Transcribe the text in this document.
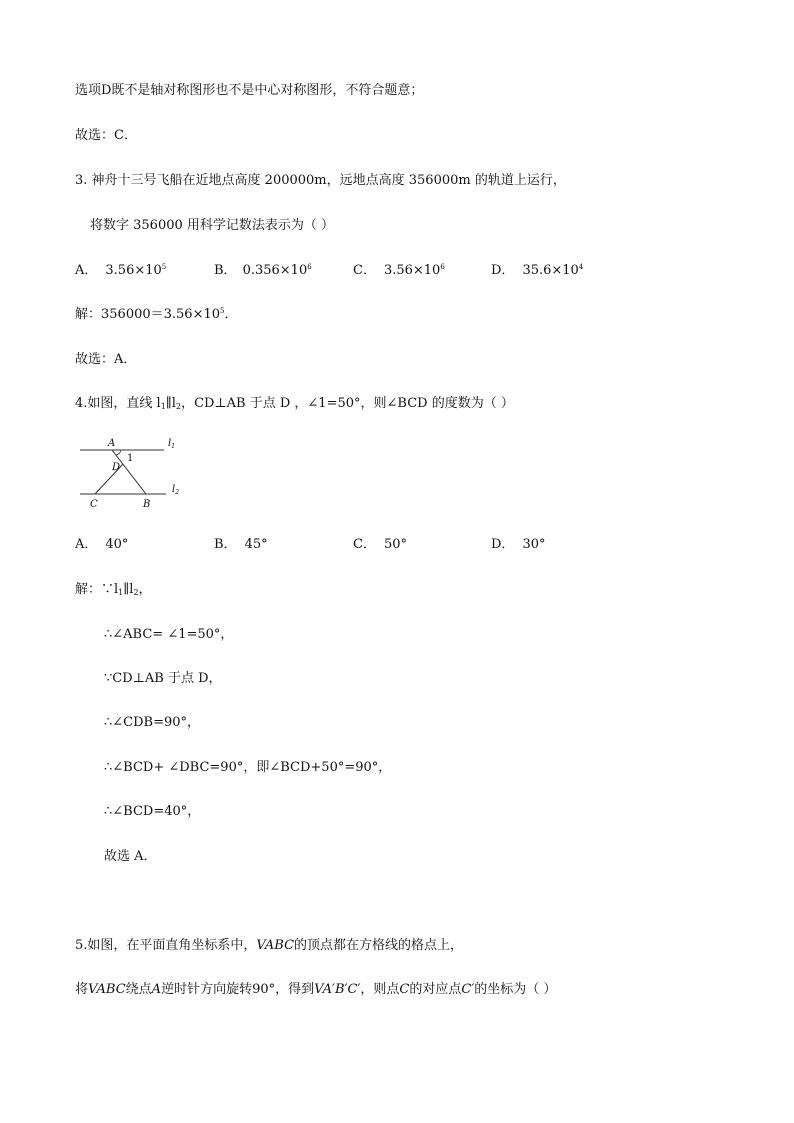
选项D既不是轴对称图形也不是中心对称图形，不符合题意；
故选：C．
3. 神舟十三号飞船在近地点高度 200000m，远地点高度 356000m 的轨道上运行，
将数字 356000 用科学记数法表示为（ ）
A． $3.56\times 10^5$	B． $0.356\times 10^6$	C． $3.56\times 10^6$	D． $35.6\times 10^4$
解：$356000=3.56\times 10^5$．
故选：A．
4.如图，直线 $l_1\parallel l_2$，CD⊥AB 于点 D ，∠1=50°，则∠BCD 的度数为（ ）
A
1
D
C	B
$l_1$
$l_2$
A． 40°	B． 45°	C． 50°	D． 30°
解：$\because l_1\parallel l_2$，
∴∠ABC= ∠1=50°，
∵CD⊥AB 于点 D，
∴∠CDB=90°，
∴∠BCD+ ∠DBC=90°，即∠BCD+50°=90°，
∴∠BCD=40°，
故选 A．
5.如图，在平面直角坐标系中，VABC的顶点都在方格线的格点上，
将VABC绕点A逆时针方向旋转90°，得到VA′B′C′，则点C的对应点C′的坐标为（ ）
